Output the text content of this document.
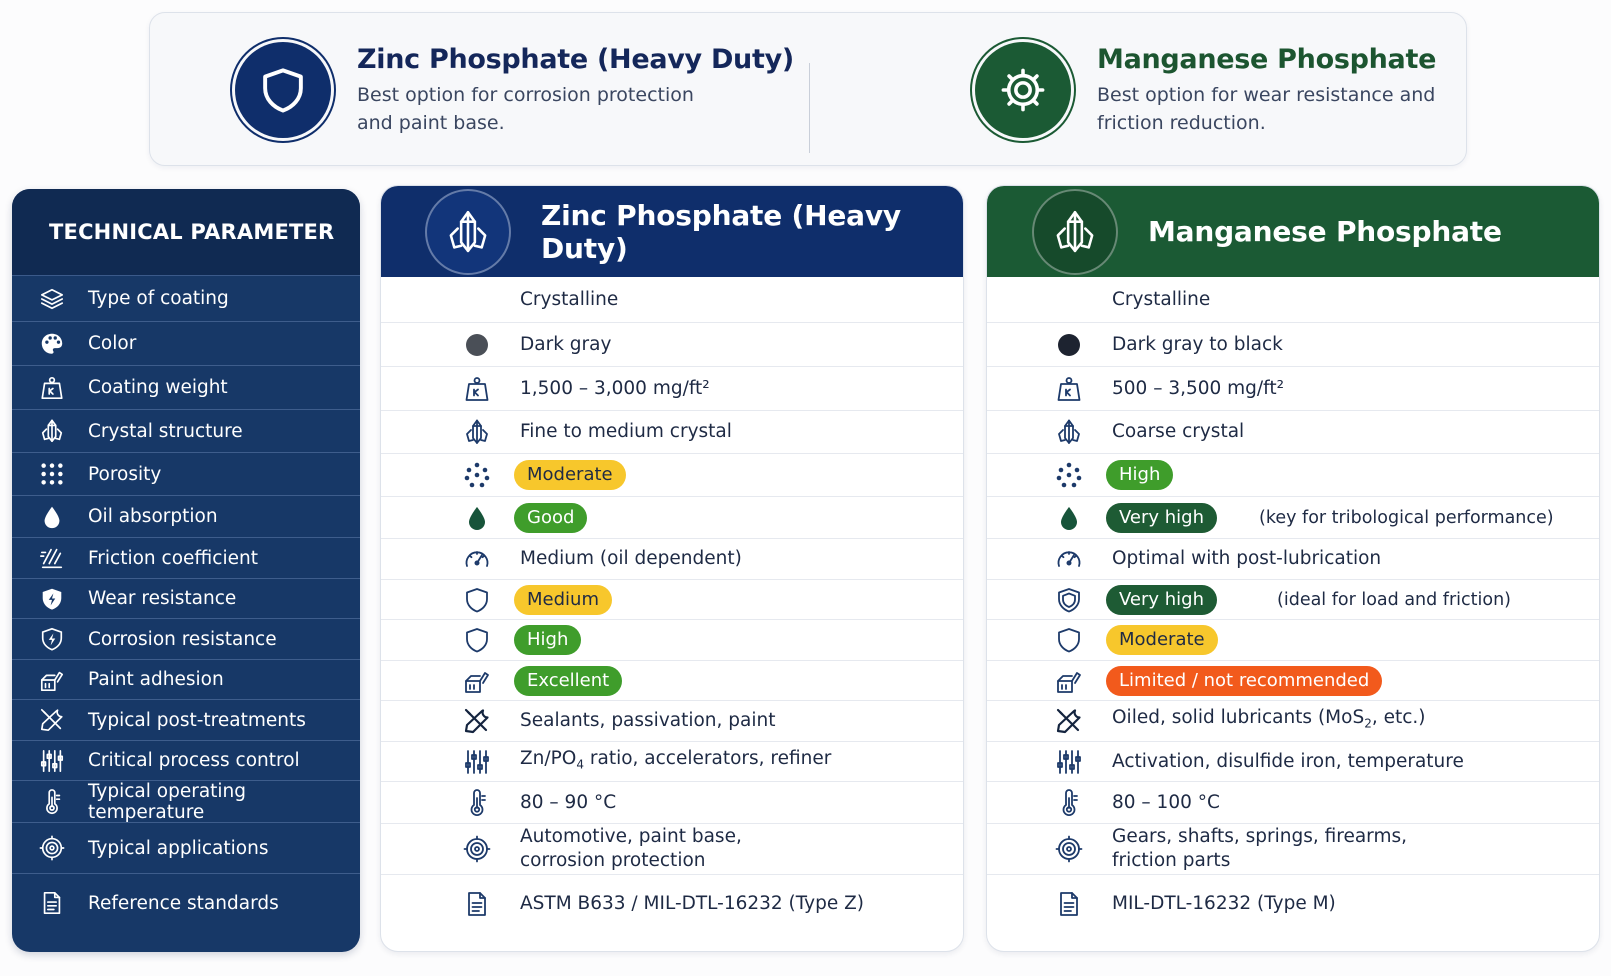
Zinc Phosphate (Heavy Duty)
Best option for corrosion protection and paint base.
Manganese Phosphate
Best option for wear resistance and friction reduction.
TECHNICAL PARAMETER
Type of coating
Color
Coating weight
Crystal structure
Porosity
Oil absorption
Friction coefficient
Wear resistance
Corrosion resistance
Paint adhesion
Typical post-treatments
Critical process control
Typical operating temperature
Typical applications
Reference standards
Zinc Phosphate (Heavy Duty)
Crystalline
Dark gray
1,500 – 3,000 mg/ft²
Fine to medium crystal
Moderate
Good
Medium (oil dependent)
Medium
High
Excellent
Sealants, passivation, paint
$Zn/PO_4$ ratio, accelerators, refiner
80 – 90 °C
Automotive, paint base,
corrosion protection
ASTM B633 / MIL-DTL-16232 (Type Z)
Manganese Phosphate
Crystalline
Dark gray to black
500 – 3,500 mg/ft²
Coarse crystal
High
Very high	(key for tribological performance)
Optimal with post-lubrication
Very high	(ideal for load and friction)
Moderate
Limited / not recommended
Oiled, solid lubricants (MoS$_2$, etc.)
Activation, disulfide iron, temperature
80 – 100 °C
Gears, shafts, springs, firearms,
friction parts
MIL-DTL-16232 (Type M)
